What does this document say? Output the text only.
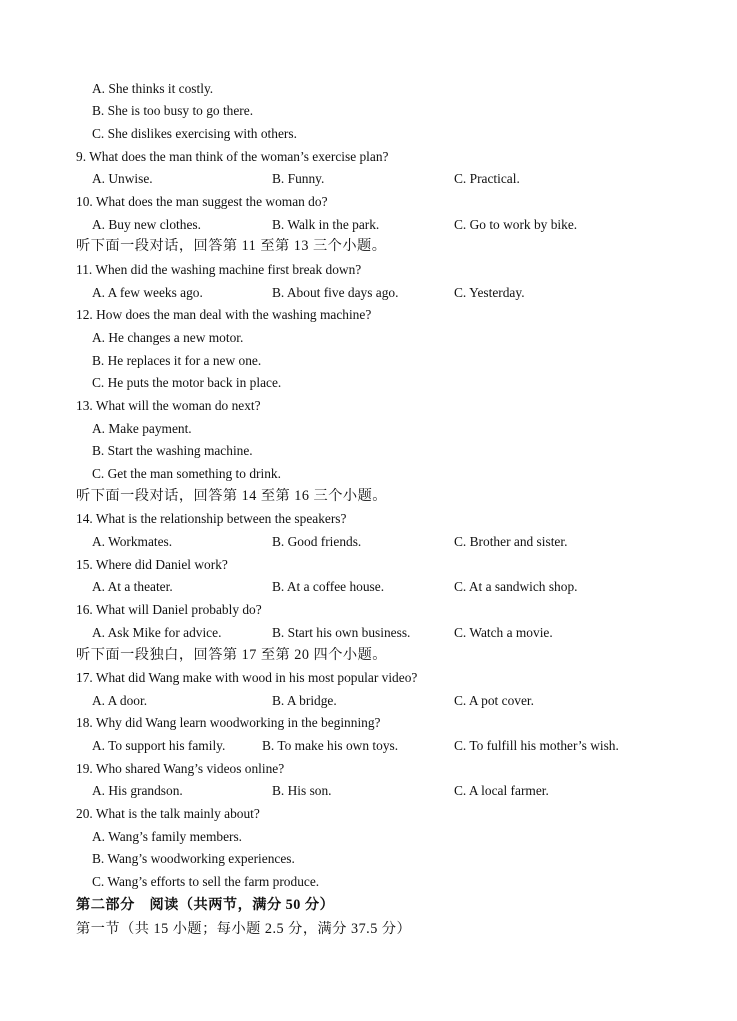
A. She thinks it costly.
B. She is too busy to go there.
C. She dislikes exercising with others.
9. What does the man think of the woman’s exercise plan?
A. Unwise.	B. Funny.	C. Practical.
10. What does the man suggest the woman do?
A. Buy new clothes.	B. Walk in the park.	C. Go to work by bike.
听下面一段对话，回答第 11 至第 13 三个小题。
11. When did the washing machine first break down?
A. A few weeks ago.	B. About five days ago.	C. Yesterday.
12. How does the man deal with the washing machine?
A. He changes a new motor.
B. He replaces it for a new one.
C. He puts the motor back in place.
13. What will the woman do next?
A. Make payment.
B. Start the washing machine.
C. Get the man something to drink.
听下面一段对话，回答第 14 至第 16 三个小题。
14. What is the relationship between the speakers?
A. Workmates.	B. Good friends.	C. Brother and sister.
15. Where did Daniel work?
A. At a theater.	B. At a coffee house.	C. At a sandwich shop.
16. What will Daniel probably do?
A. Ask Mike for advice.	B. Start his own business.	C. Watch a movie.
听下面一段独白，回答第 17 至第 20 四个小题。
17. What did Wang make with wood in his most popular video?
A. A door.	B. A bridge.	C. A pot cover.
18. Why did Wang learn woodworking in the beginning?
A. To support his family.	B. To make his own toys.	C. To fulfill his mother’s wish.
19. Who shared Wang’s videos online?
A. His grandson.	B. His son.	C. A local farmer.
20. What is the talk mainly about?
A. Wang’s family members.
B. Wang’s woodworking experiences.
C. Wang’s efforts to sell the farm produce.
第二部分　阅读（共两节，满分 50 分）
第一节（共 15 小题；每小题 2.5 分，满分 37.5 分）
